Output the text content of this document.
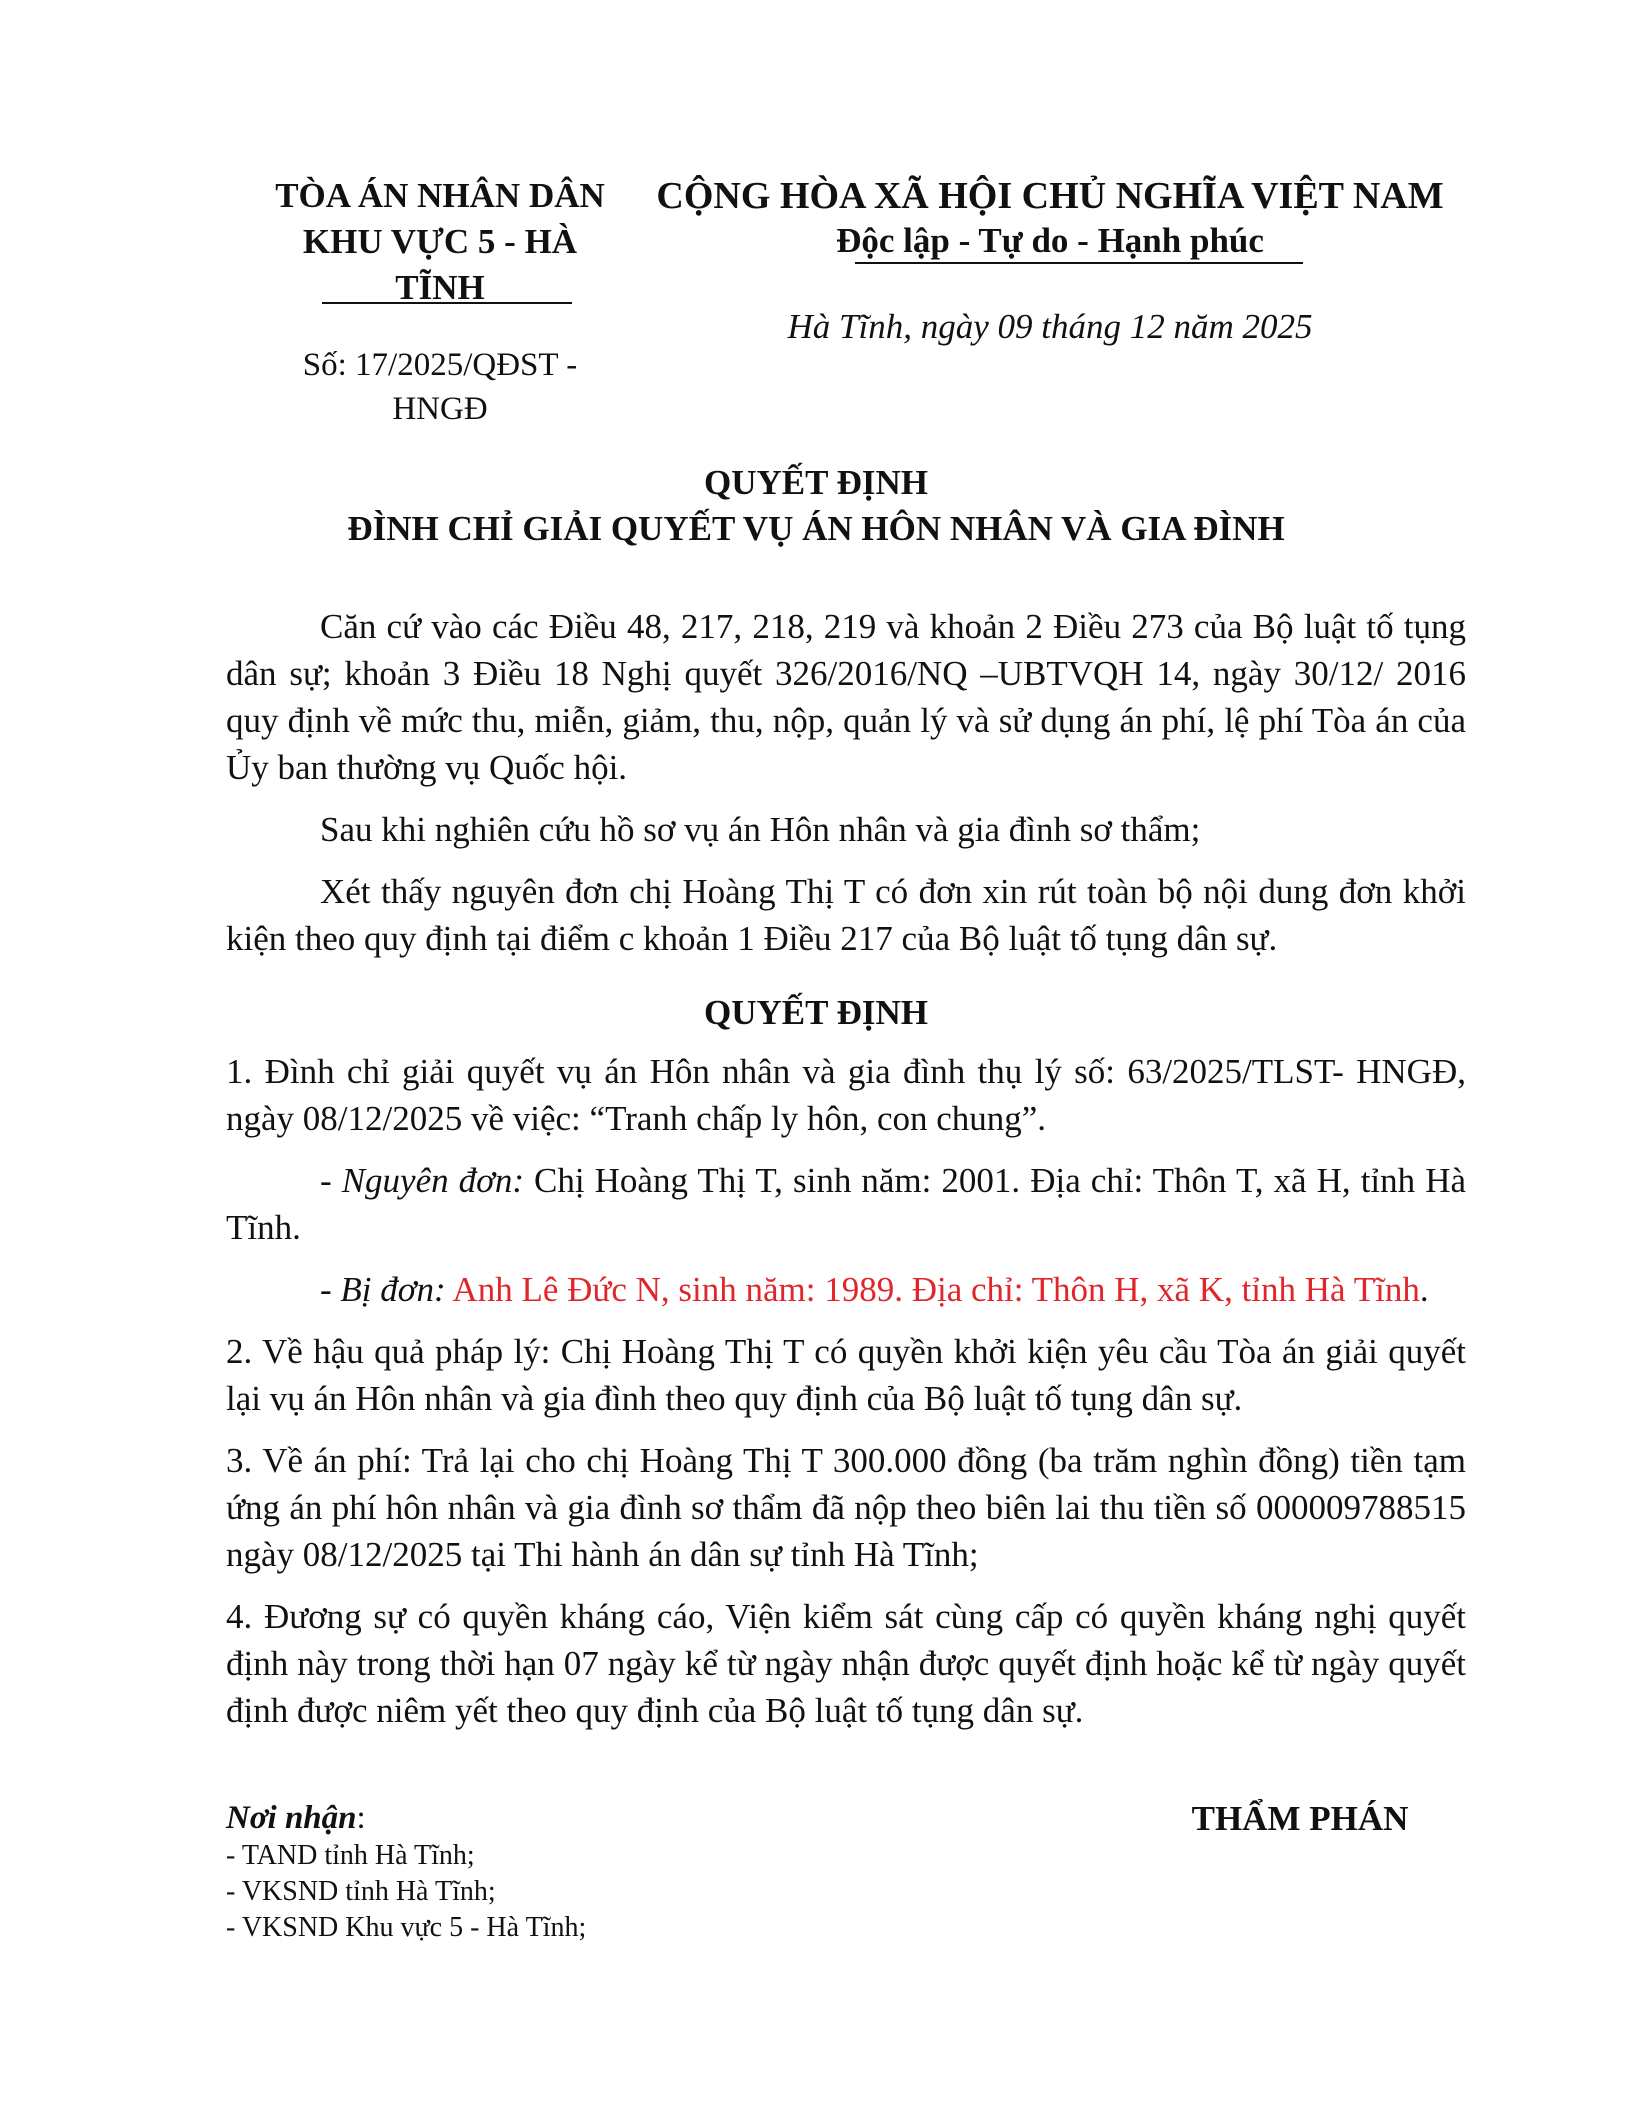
TÒA ÁN NHÂN DÂN
KHU VỰC 5 - HÀ
TĨNH
Số: 17/2025/QĐST -
HNGĐ
CỘNG HÒA XÃ HỘI CHỦ NGHĨA VIỆT NAM
Độc lập - Tự do - Hạnh phúc
Hà Tĩnh, ngày 09 tháng 12 năm 2025
QUYẾT ĐỊNH
ĐÌNH CHỈ GIẢI QUYẾT VỤ ÁN HÔN NHÂN VÀ GIA ĐÌNH

Căn cứ vào các Điều 48, 217, 218, 219 và khoản 2 Điều 273 của Bộ luật tố tụng dân sự; khoản 3 Điều 18 Nghị quyết 326/2016/NQ –UBTVQH 14, ngày 30/12/ 2016 quy định về mức thu, miễn, giảm, thu, nộp, quản lý và sử dụng án phí, lệ phí Tòa án của Ủy ban thường vụ Quốc hội.

Sau khi nghiên cứu hồ sơ vụ án Hôn nhân và gia đình sơ thẩm;

Xét thấy nguyên đơn chị Hoàng Thị T có đơn xin rút toàn bộ nội dung đơn khởi kiện theo quy định tại điểm c khoản 1 Điều 217 của Bộ luật tố tụng dân sự.

QUYẾT ĐỊNH

1. Đình chỉ giải quyết vụ án Hôn nhân và gia đình thụ lý số: 63/2025/TLST- HNGĐ, ngày 08/12/2025 về việc: “Tranh chấp ly hôn, con chung”.

- Nguyên đơn: Chị Hoàng Thị T, sinh năm: 2001. Địa chỉ: Thôn T, xã H, tỉnh Hà Tĩnh.

- Bị đơn: Anh Lê Đức N, sinh năm: 1989. Địa chỉ: Thôn H, xã K, tỉnh Hà Tĩnh.

2. Về hậu quả pháp lý: Chị Hoàng Thị T có quyền khởi kiện yêu cầu Tòa án giải quyết lại vụ án Hôn nhân và gia đình theo quy định của Bộ luật tố tụng dân sự.

3. Về án phí: Trả lại cho chị Hoàng Thị T 300.000 đồng (ba trăm nghìn đồng) tiền tạm ứng án phí hôn nhân và gia đình sơ thẩm đã nộp theo biên lai thu tiền số 000009788515 ngày 08/12/2025 tại Thi hành án dân sự tỉnh Hà Tĩnh;

4. Đương sự có quyền kháng cáo, Viện kiểm sát cùng cấp có quyền kháng nghị quyết định này trong thời hạn 07 ngày kể từ ngày nhận được quyết định hoặc kể từ ngày quyết định được niêm yết theo quy định của Bộ luật tố tụng dân sự.

Nơi nhận:
- TAND tỉnh Hà Tĩnh;
- VKSND tỉnh Hà Tĩnh;
- VKSND Khu vực 5 - Hà Tĩnh;
THẨM PHÁN
